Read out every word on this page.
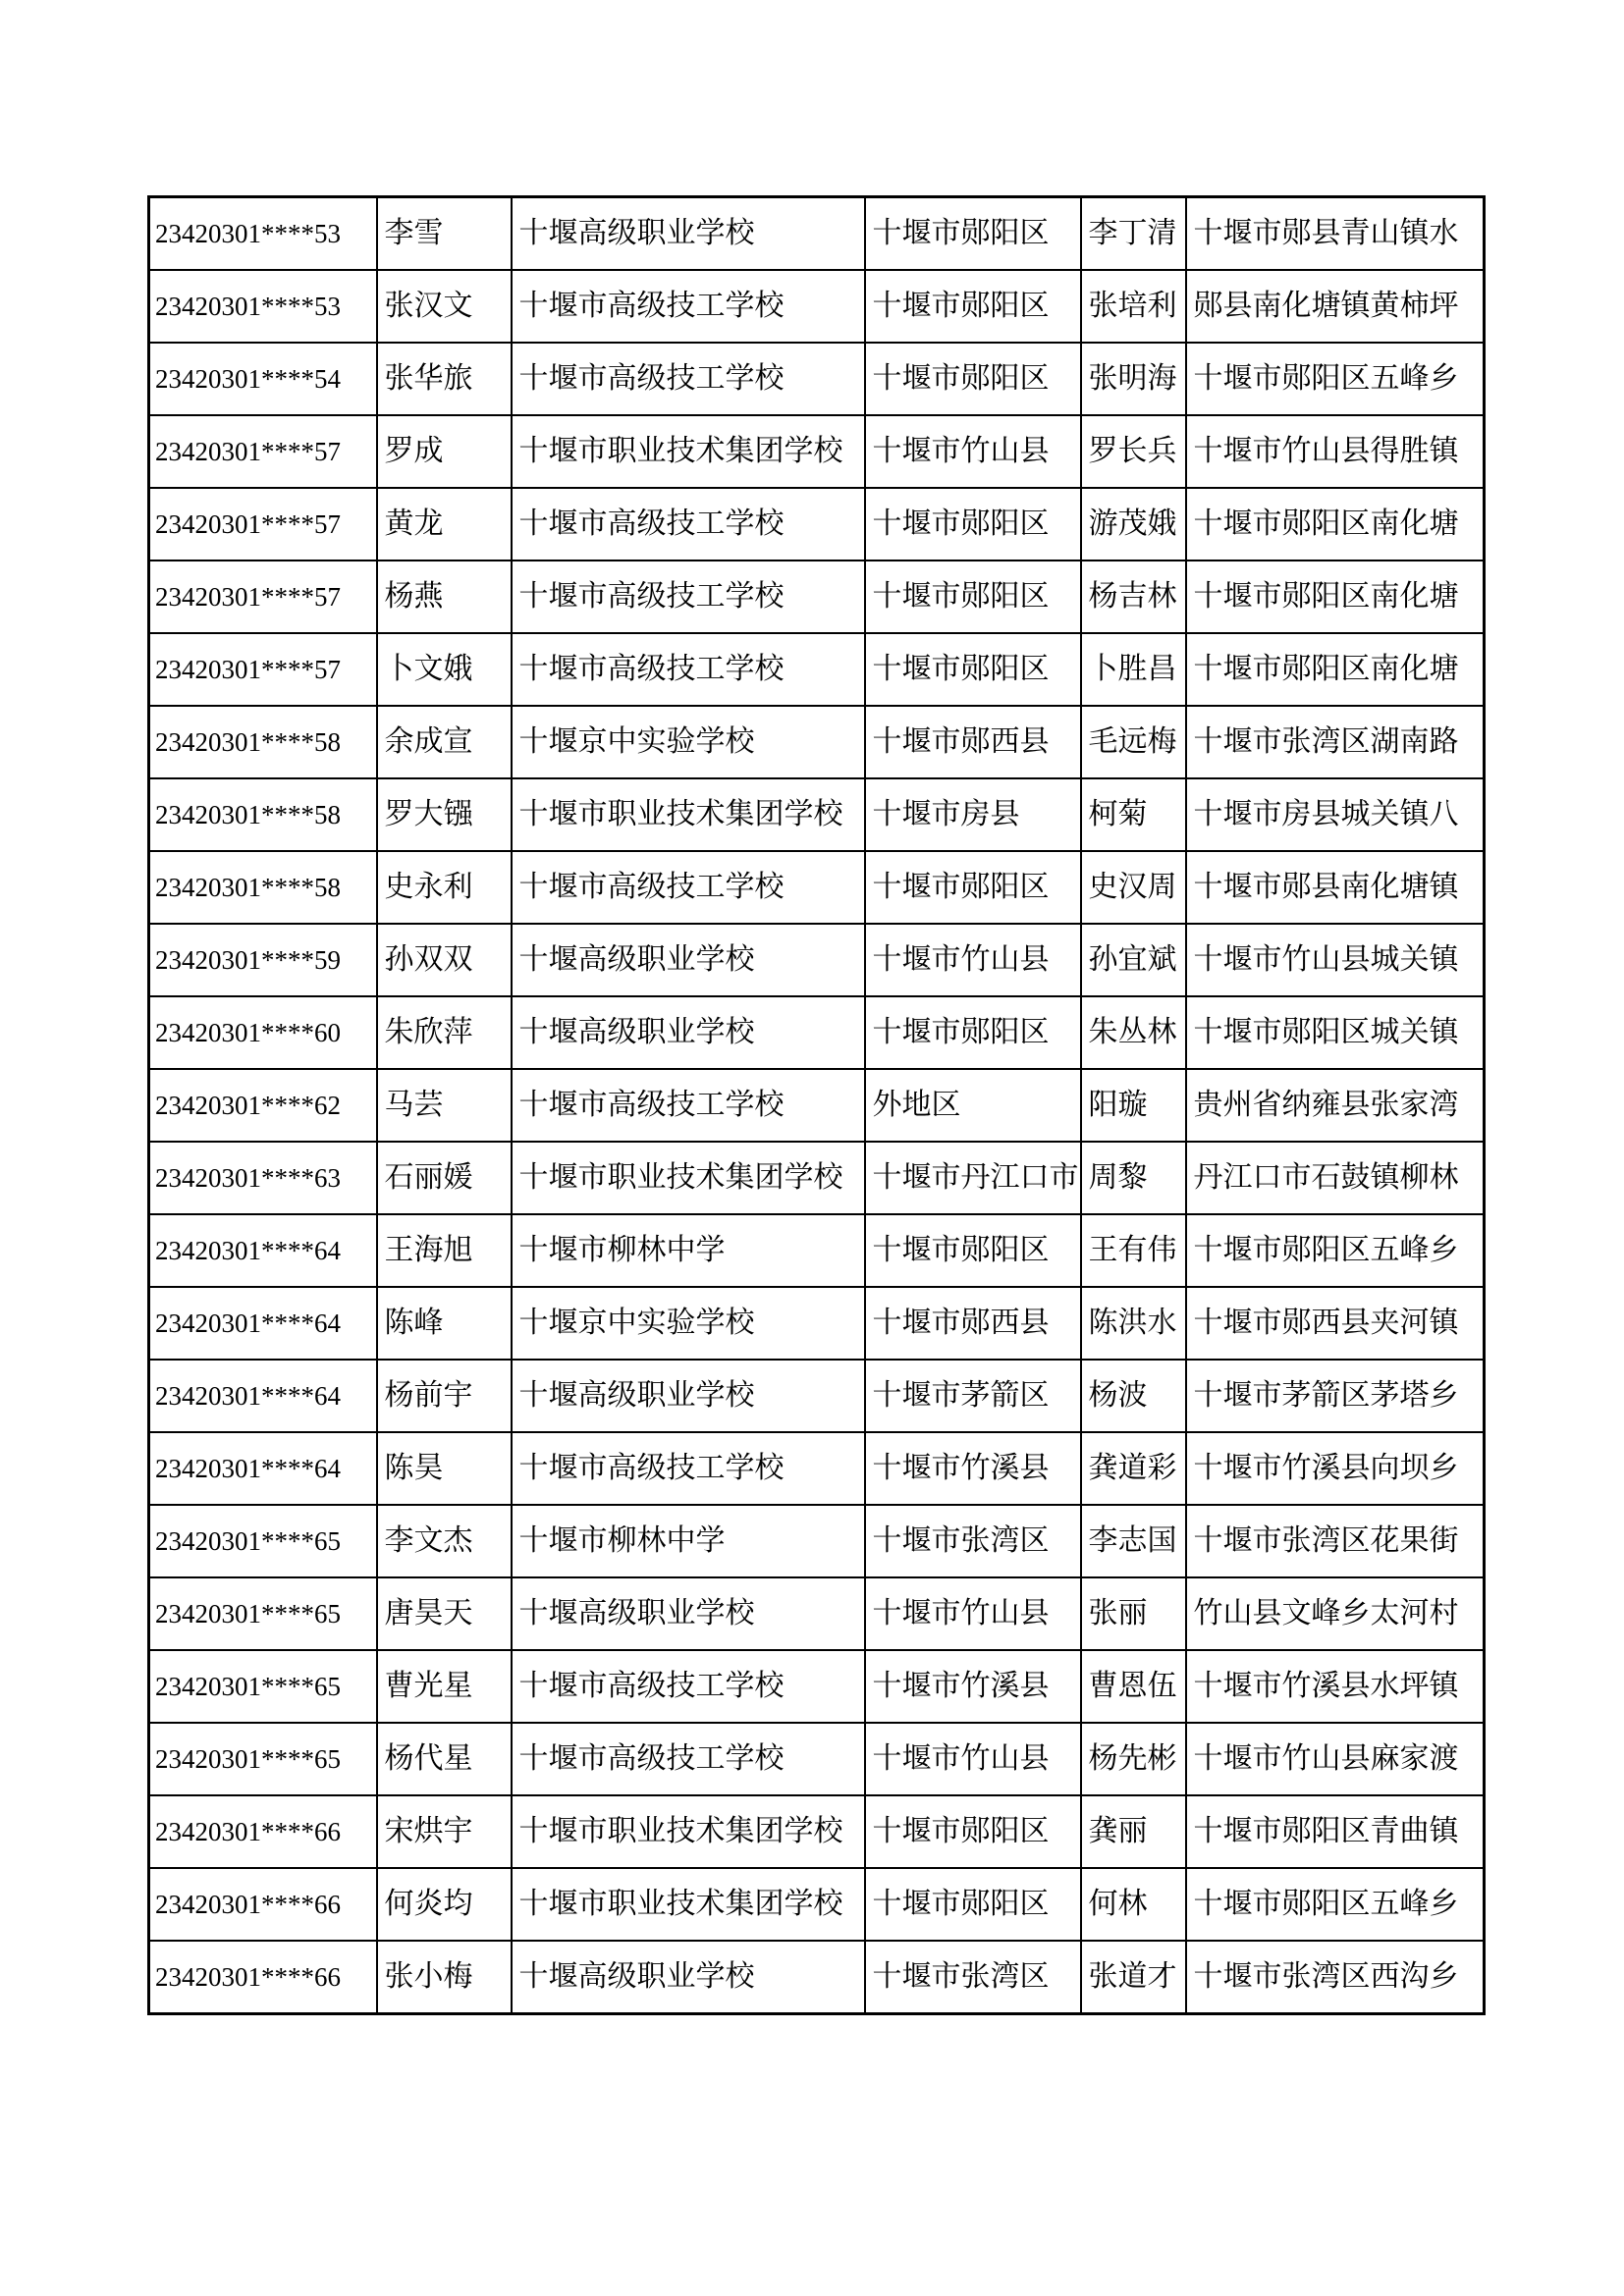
23420301****53	李雪	十堰高级职业学校	十堰市郧阳区	李丁清	十堰市郧县青山镇水
23420301****53	张汉文	十堰市高级技工学校	十堰市郧阳区	张培利	郧县南化塘镇黄柿坪
23420301****54	张华旅	十堰市高级技工学校	十堰市郧阳区	张明海	十堰市郧阳区五峰乡
23420301****57	罗成	十堰市职业技术集团学校	十堰市竹山县	罗长兵	十堰市竹山县得胜镇
23420301****57	黄龙	十堰市高级技工学校	十堰市郧阳区	游茂娥	十堰市郧阳区南化塘
23420301****57	杨燕	十堰市高级技工学校	十堰市郧阳区	杨吉林	十堰市郧阳区南化塘
23420301****57	卜文娥	十堰市高级技工学校	十堰市郧阳区	卜胜昌	十堰市郧阳区南化塘
23420301****58	余成宣	十堰京中实验学校	十堰市郧西县	毛远梅	十堰市张湾区湖南路
23420301****58	罗大镪	十堰市职业技术集团学校	十堰市房县	柯菊	十堰市房县城关镇八
23420301****58	史永利	十堰市高级技工学校	十堰市郧阳区	史汉周	十堰市郧县南化塘镇
23420301****59	孙双双	十堰高级职业学校	十堰市竹山县	孙宜斌	十堰市竹山县城关镇
23420301****60	朱欣萍	十堰高级职业学校	十堰市郧阳区	朱丛林	十堰市郧阳区城关镇
23420301****62	马芸	十堰市高级技工学校	外地区	阳璇	贵州省纳雍县张家湾
23420301****63	石丽媛	十堰市职业技术集团学校	十堰市丹江口市	周黎	丹江口市石鼓镇柳林
23420301****64	王海旭	十堰市柳林中学	十堰市郧阳区	王有伟	十堰市郧阳区五峰乡
23420301****64	陈峰	十堰京中实验学校	十堰市郧西县	陈洪水	十堰市郧西县夹河镇
23420301****64	杨前宇	十堰高级职业学校	十堰市茅箭区	杨波	十堰市茅箭区茅塔乡
23420301****64	陈昊	十堰市高级技工学校	十堰市竹溪县	龚道彩	十堰市竹溪县向坝乡
23420301****65	李文杰	十堰市柳林中学	十堰市张湾区	李志国	十堰市张湾区花果街
23420301****65	唐昊天	十堰高级职业学校	十堰市竹山县	张丽	竹山县文峰乡太河村
23420301****65	曹光星	十堰市高级技工学校	十堰市竹溪县	曹恩伍	十堰市竹溪县水坪镇
23420301****65	杨代星	十堰市高级技工学校	十堰市竹山县	杨先彬	十堰市竹山县麻家渡
23420301****66	宋烘宇	十堰市职业技术集团学校	十堰市郧阳区	龚丽	十堰市郧阳区青曲镇
23420301****66	何炎均	十堰市职业技术集团学校	十堰市郧阳区	何林	十堰市郧阳区五峰乡
23420301****66	张小梅	十堰高级职业学校	十堰市张湾区	张道才	十堰市张湾区西沟乡
